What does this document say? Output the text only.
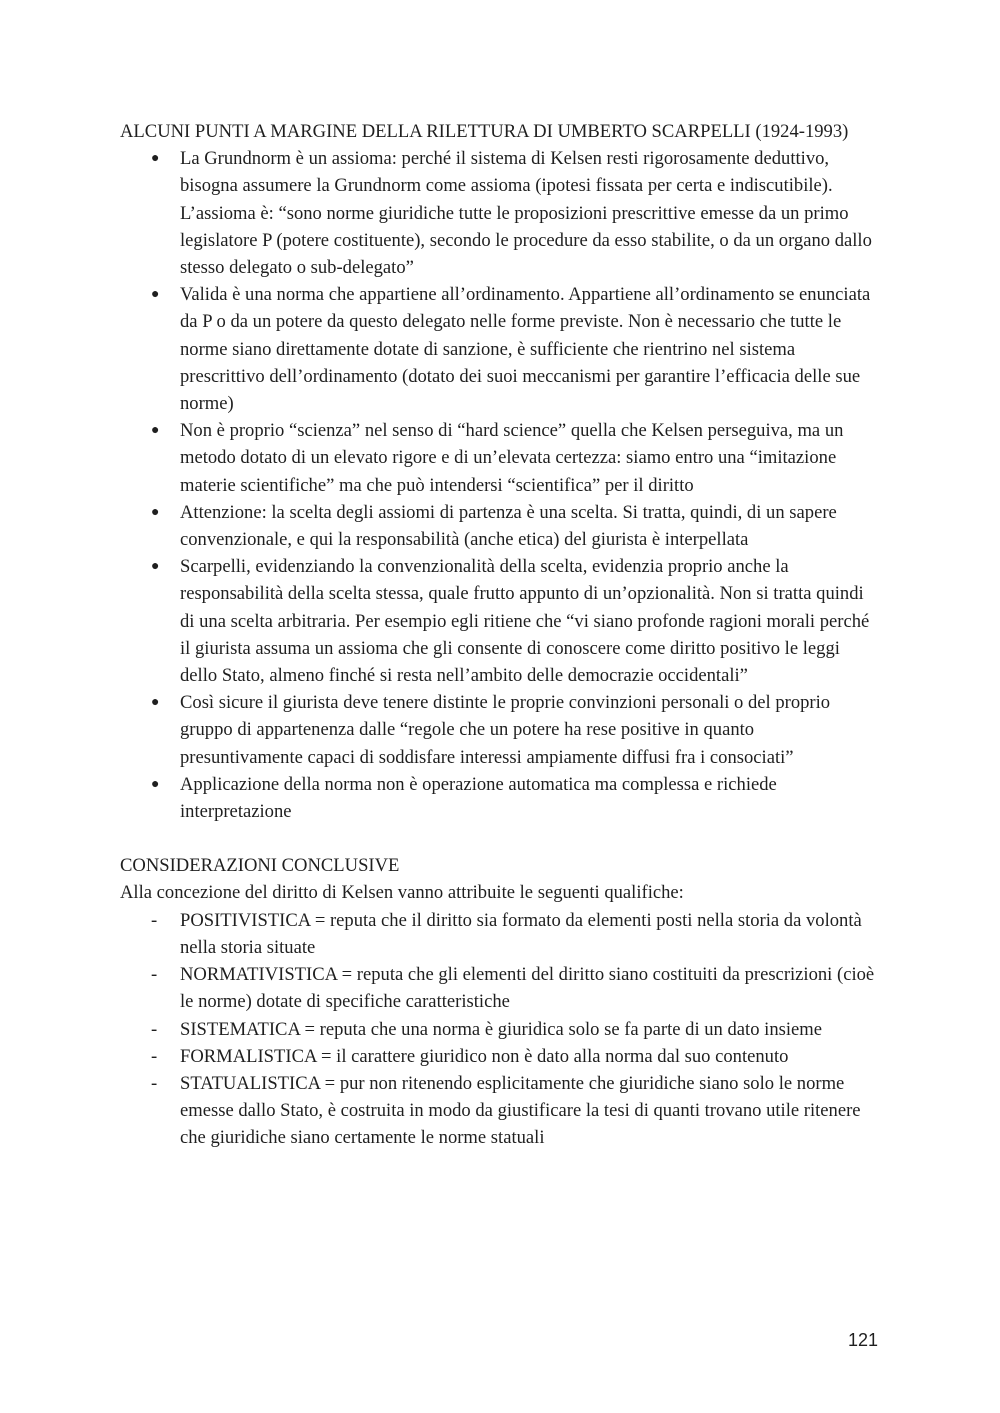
ALCUNI PUNTI A MARGINE DELLA RILETTURA DI UMBERTO SCARPELLI (1924-1993)

● La Grundnorm è un assioma: perché il sistema di Kelsen resti rigorosamente deduttivo, bisogna assumere la Grundnorm come assioma (ipotesi fissata per certa e indiscutibile). L’assioma è: “sono norme giuridiche tutte le proposizioni prescrittive emesse da un primo legislatore P (potere costituente), secondo le procedure da esso stabilite, o da un organo dallo stesso delegato o sub-delegato”
● Valida è una norma che appartiene all’ordinamento. Appartiene all’ordinamento se enunciata da P o da un potere da questo delegato nelle forme previste. Non è necessario che tutte le norme siano direttamente dotate di sanzione, è sufficiente che rientrino nel sistema prescrittivo dell’ordinamento (dotato dei suoi meccanismi per garantire l’efficacia delle sue norme)
● Non è proprio “scienza” nel senso di “hard science” quella che Kelsen perseguiva, ma un metodo dotato di un elevato rigore e di un’elevata certezza: siamo entro una “imitazione materie scientifiche” ma che può intendersi “scientifica” per il diritto
● Attenzione: la scelta degli assiomi di partenza è una scelta. Si tratta, quindi, di un sapere convenzionale, e qui la responsabilità (anche etica) del giurista è interpellata
● Scarpelli, evidenziando la convenzionalità della scelta, evidenzia proprio anche la responsabilità della scelta stessa, quale frutto appunto di un’opzionalità. Non si tratta quindi di una scelta arbitraria. Per esempio egli ritiene che “vi siano profonde ragioni morali perché il giurista assuma un assioma che gli consente di conoscere come diritto positivo le leggi dello Stato, almeno finché si resta nell’ambito delle democrazie occidentali”
● Così sicure il giurista deve tenere distinte le proprie convinzioni personali o del proprio gruppo di appartenenza dalle “regole che un potere ha rese positive in quanto presuntivamente capaci di soddisfare interessi ampiamente diffusi fra i consociati”
● Applicazione della norma non è operazione automatica ma complessa e richiede interpretazione

CONSIDERAZIONI CONCLUSIVE

Alla concezione del diritto di Kelsen vanno attribuite le seguenti qualifiche:

- POSITIVISTICA = reputa che il diritto sia formato da elementi posti nella storia da volontà nella storia situate
- NORMATIVISTICA = reputa che gli elementi del diritto siano costituiti da prescrizioni (cioè le norme) dotate di specifiche caratteristiche
- SISTEMATICA = reputa che una norma è giuridica solo se fa parte di un dato insieme
- FORMALISTICA = il carattere giuridico non è dato alla norma dal suo contenuto
- STATUALISTICA = pur non ritenendo esplicitamente che giuridiche siano solo le norme emesse dallo Stato, è costruita in modo da giustificare la tesi di quanti trovano utile ritenere che giuridiche siano certamente le norme statuali
121
